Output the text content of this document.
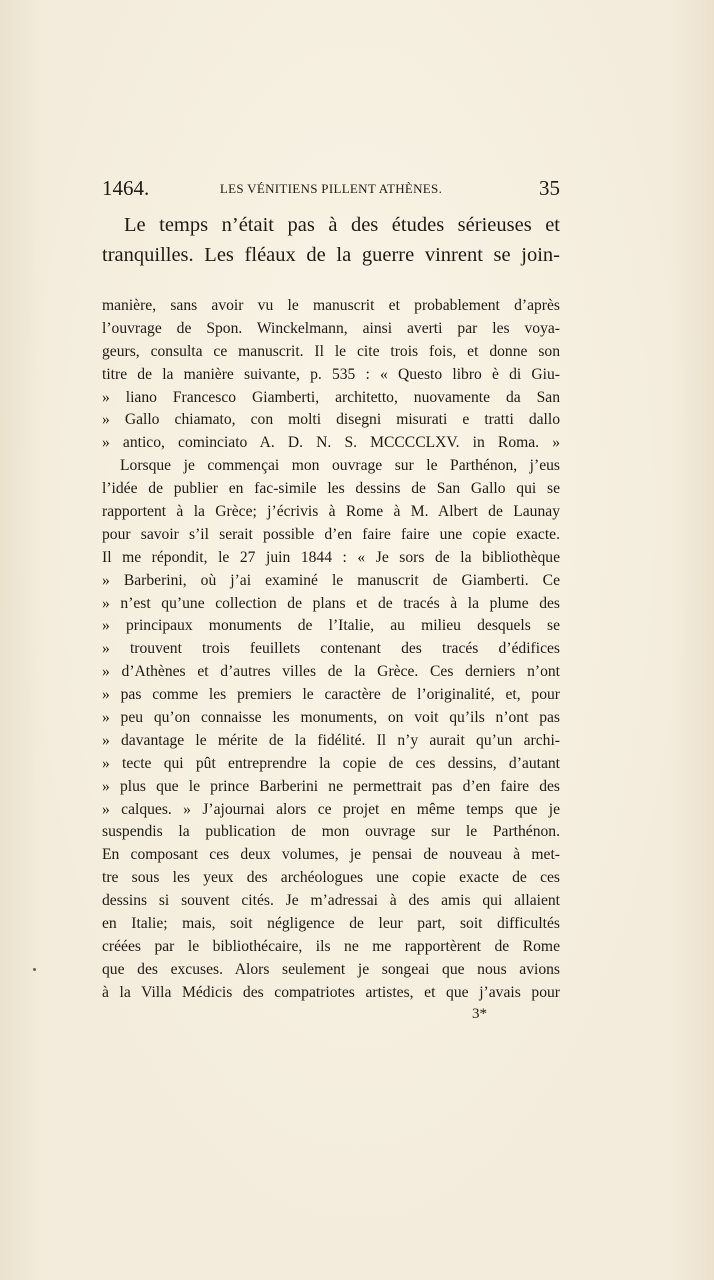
1464.	LES VÉNITIENS PILLENT ATHÈNES.	35
Le temps n’était pas à des études sérieuses et
tranquilles. Les fléaux de la guerre vinrent se join-
manière, sans avoir vu le manuscrit et probablement d’après
l’ouvrage de Spon. Winckelmann, ainsi averti par les voya-
geurs, consulta ce manuscrit. Il le cite trois fois, et donne son
titre de la manière suivante, p. 535 : « Questo libro è di Giu-
» liano Francesco Giamberti, architetto, nuovamente da San
» Gallo chiamato, con molti disegni misurati e tratti dallo
» antico, cominciato A. D. N. S. MCCCCLXV. in Roma. »
Lorsque je commençai mon ouvrage sur le Parthénon, j’eus
l’idée de publier en fac-simile les dessins de San Gallo qui se
rapportent à la Grèce; j’écrivis à Rome à M. Albert de Launay
pour savoir s’il serait possible d’en faire faire une copie exacte.
Il me répondit, le 27 juin 1844 : « Je sors de la bibliothèque
» Barberini, où j’ai examiné le manuscrit de Giamberti. Ce
» n’est qu’une collection de plans et de tracés à la plume des
» principaux monuments de l’Italie, au milieu desquels se
» trouvent trois feuillets contenant des tracés d’édifices
» d’Athènes et d’autres villes de la Grèce. Ces derniers n’ont
» pas comme les premiers le caractère de l’originalité, et, pour
» peu qu’on connaisse les monuments, on voit qu’ils n’ont pas
» davantage le mérite de la fidélité. Il n’y aurait qu’un archi-
» tecte qui pût entreprendre la copie de ces dessins, d’autant
» plus que le prince Barberini ne permettrait pas d’en faire des
» calques. » J’ajournai alors ce projet en même temps que je
suspendis la publication de mon ouvrage sur le Parthénon.
En composant ces deux volumes, je pensai de nouveau à met-
tre sous les yeux des archéologues une copie exacte de ces
dessins si souvent cités. Je m’adressai à des amis qui allaient
en Italie; mais, soit négligence de leur part, soit difficultés
créées par le bibliothécaire, ils ne me rapportèrent de Rome
que des excuses. Alors seulement je songeai que nous avions
à la Villa Médicis des compatriotes artistes, et que j’avais pour
3*
